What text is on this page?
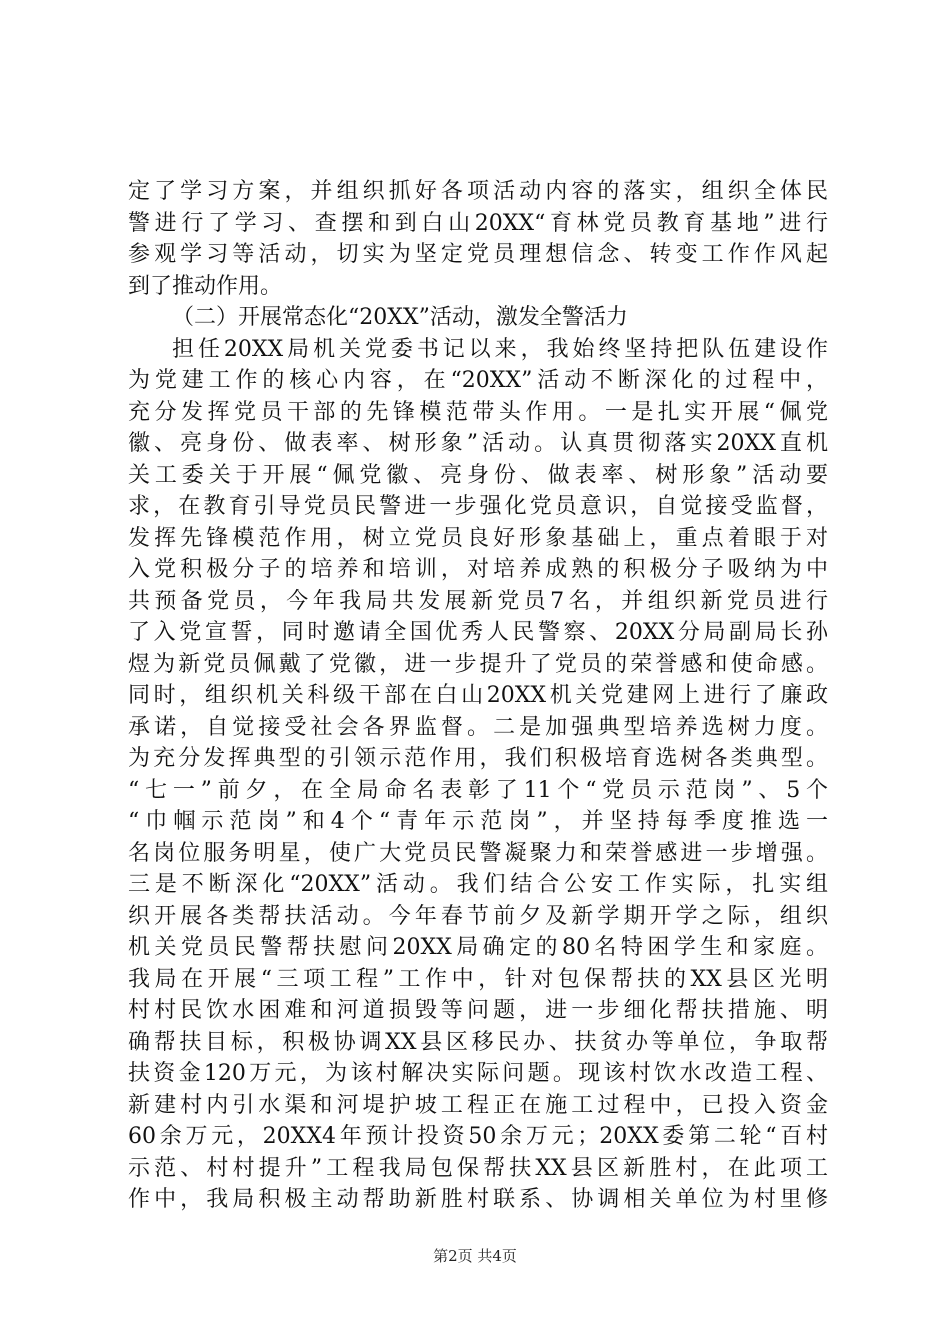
定了学习方案，并组织抓好各项活动内容的落实，组织全体民
警进行了学习、查摆和到白山20XX“育林党员教育基地”进行
参观学习等活动，切实为坚定党员理想信念、转变工作作风起
到了推动作用。
（二）开展常态化“20XX”活动，激发全警活力
担任20XX局机关党委书记以来，我始终坚持把队伍建设作
为党建工作的核心内容，在“20XX”活动不断深化的过程中，
充分发挥党员干部的先锋模范带头作用。一是扎实开展“佩党
徽、亮身份、做表率、树形象”活动。认真贯彻落实20XX直机
关工委关于开展“佩党徽、亮身份、做表率、树形象”活动要
求，在教育引导党员民警进一步强化党员意识，自觉接受监督，
发挥先锋模范作用，树立党员良好形象基础上，重点着眼于对
入党积极分子的培养和培训，对培养成熟的积极分子吸纳为中
共预备党员，今年我局共发展新党员7名，并组织新党员进行
了入党宣誓，同时邀请全国优秀人民警察、20XX分局副局长孙
煜为新党员佩戴了党徽，进一步提升了党员的荣誉感和使命感。
同时，组织机关科级干部在白山20XX机关党建网上进行了廉政
承诺，自觉接受社会各界监督。二是加强典型培养选树力度。
为充分发挥典型的引领示范作用，我们积极培育选树各类典型。
“七一”前夕，在全局命名表彰了11个“党员示范岗”、5个
“巾帼示范岗”和4个“青年示范岗”，并坚持每季度推选一
名岗位服务明星，使广大党员民警凝聚力和荣誉感进一步增强。
三是不断深化“20XX”活动。我们结合公安工作实际，扎实组
织开展各类帮扶活动。今年春节前夕及新学期开学之际，组织
机关党员民警帮扶慰问20XX局确定的80名特困学生和家庭。
我局在开展“三项工程”工作中，针对包保帮扶的XX县区光明
村村民饮水困难和河道损毁等问题，进一步细化帮扶措施、明
确帮扶目标，积极协调XX县区移民办、扶贫办等单位，争取帮
扶资金120万元，为该村解决实际问题。现该村饮水改造工程、
新建村内引水渠和河堤护坡工程正在施工过程中，已投入资金
60余万元，20XX4年预计投资50余万元；20XX委第二轮“百村
示范、村村提升”工程我局包保帮扶XX县区新胜村，在此项工
作中，我局积极主动帮助新胜村联系、协调相关单位为村里修
第2页 共4页
